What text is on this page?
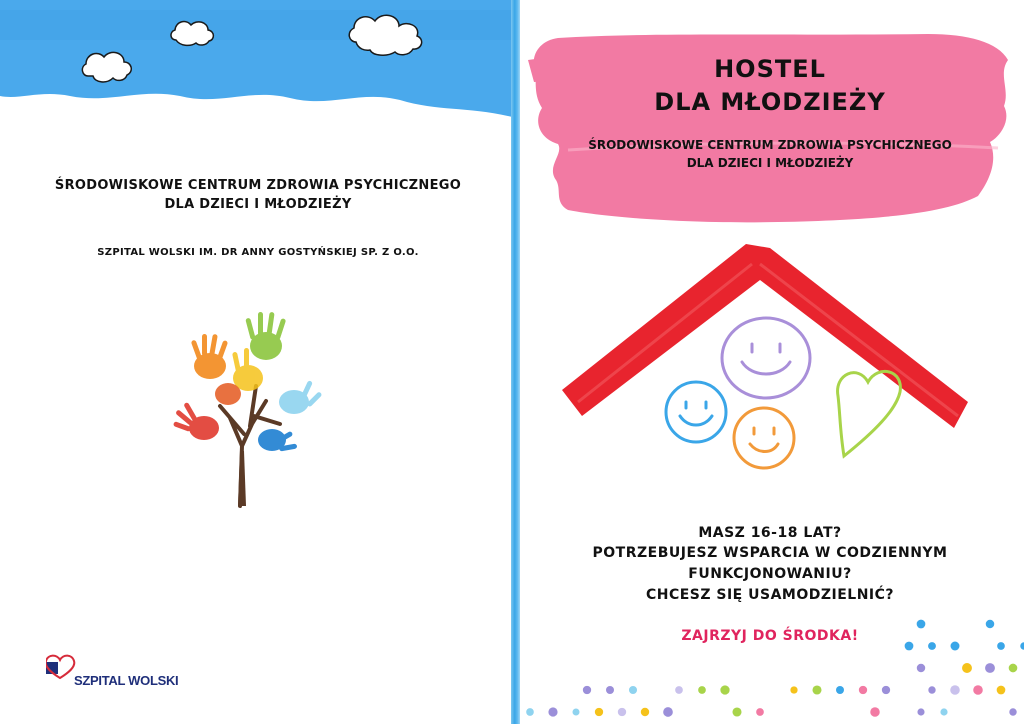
ŚRODOWISKOWE CENTRUM ZDROWIA PSYCHICZNEGO
DLA DZIECI I MŁODZIEŻY
SZPITAL WOLSKI IM. DR ANNY GOSTYŃSKIEJ SP. Z O.O.
SZPITAL WOLSKI
HOSTEL
DLA MŁODZIEŻY
ŚRODOWISKOWE CENTRUM ZDROWIA PSYCHICZNEGO
DLA DZIECI I MŁODZIEŻY
MASZ 16-18 LAT?
POTRZEBUJESZ WSPARCIA W CODZIENNYM
FUNKCJONOWANIU?
CHCESZ SIĘ USAMODZIELNIĆ?
ZAJRZYJ DO ŚRODKA!
